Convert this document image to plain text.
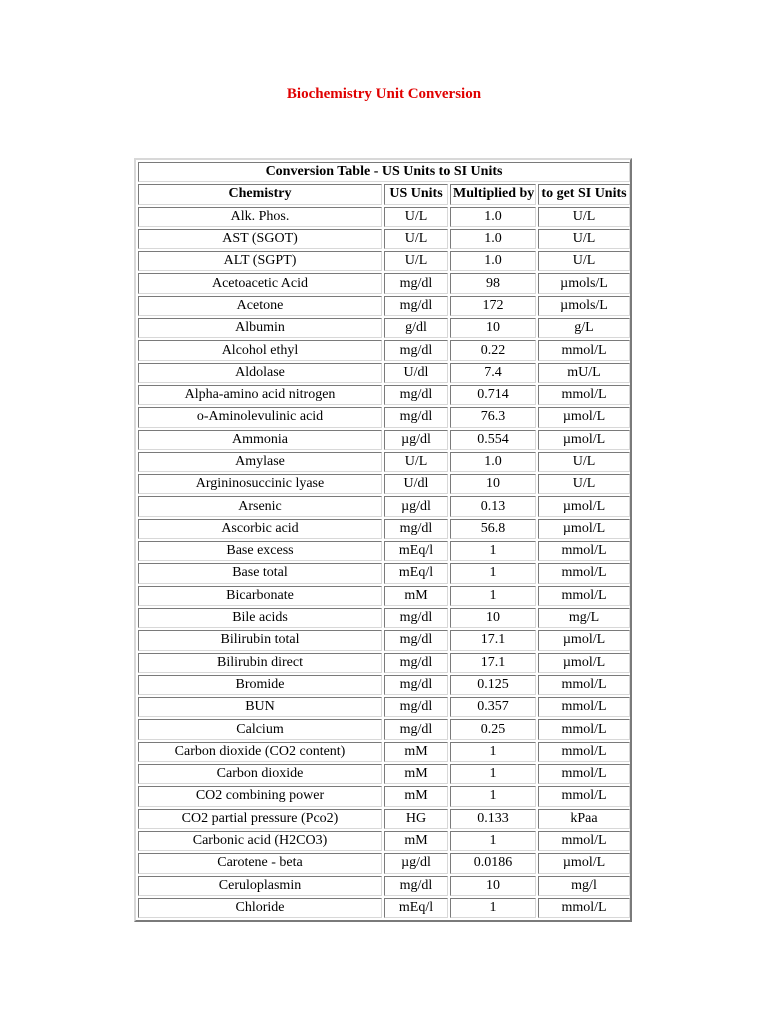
Biochemistry Unit Conversion
Conversion Table - US Units to SI Units			
Chemistry	US Units	Multiplied by	to get SI Units
Alk. Phos.	U/L	1.0	U/L
AST (SGOT)	U/L	1.0	U/L
ALT (SGPT)	U/L	1.0	U/L
Acetoacetic Acid	mg/dl	98	µmols/L
Acetone	mg/dl	172	µmols/L
Albumin	g/dl	10	g/L
Alcohol ethyl	mg/dl	0.22	mmol/L
Aldolase	U/dl	7.4	mU/L
Alpha-amino acid nitrogen	mg/dl	0.714	mmol/L
o-Aminolevulinic acid	mg/dl	76.3	µmol/L
Ammonia	µg/dl	0.554	µmol/L
Amylase	U/L	1.0	U/L
Argininosuccinic lyase	U/dl	10	U/L
Arsenic	µg/dl	0.13	µmol/L
Ascorbic acid	mg/dl	56.8	µmol/L
Base excess	mEq/l	1	mmol/L
Base total	mEq/l	1	mmol/L
Bicarbonate	mM	1	mmol/L
Bile acids	mg/dl	10	mg/L
Bilirubin total	mg/dl	17.1	µmol/L
Bilirubin direct	mg/dl	17.1	µmol/L
Bromide	mg/dl	0.125	mmol/L
BUN	mg/dl	0.357	mmol/L
Calcium	mg/dl	0.25	mmol/L
Carbon dioxide (CO2 content)	mM	1	mmol/L
Carbon dioxide	mM	1	mmol/L
CO2 combining power	mM	1	mmol/L
CO2 partial pressure (Pco2)	HG	0.133	kPaa
Carbonic acid (H2CO3)	mM	1	mmol/L
Carotene - beta	µg/dl	0.0186	µmol/L
Ceruloplasmin	mg/dl	10	mg/l
Chloride	mEq/l	1	mmol/L
